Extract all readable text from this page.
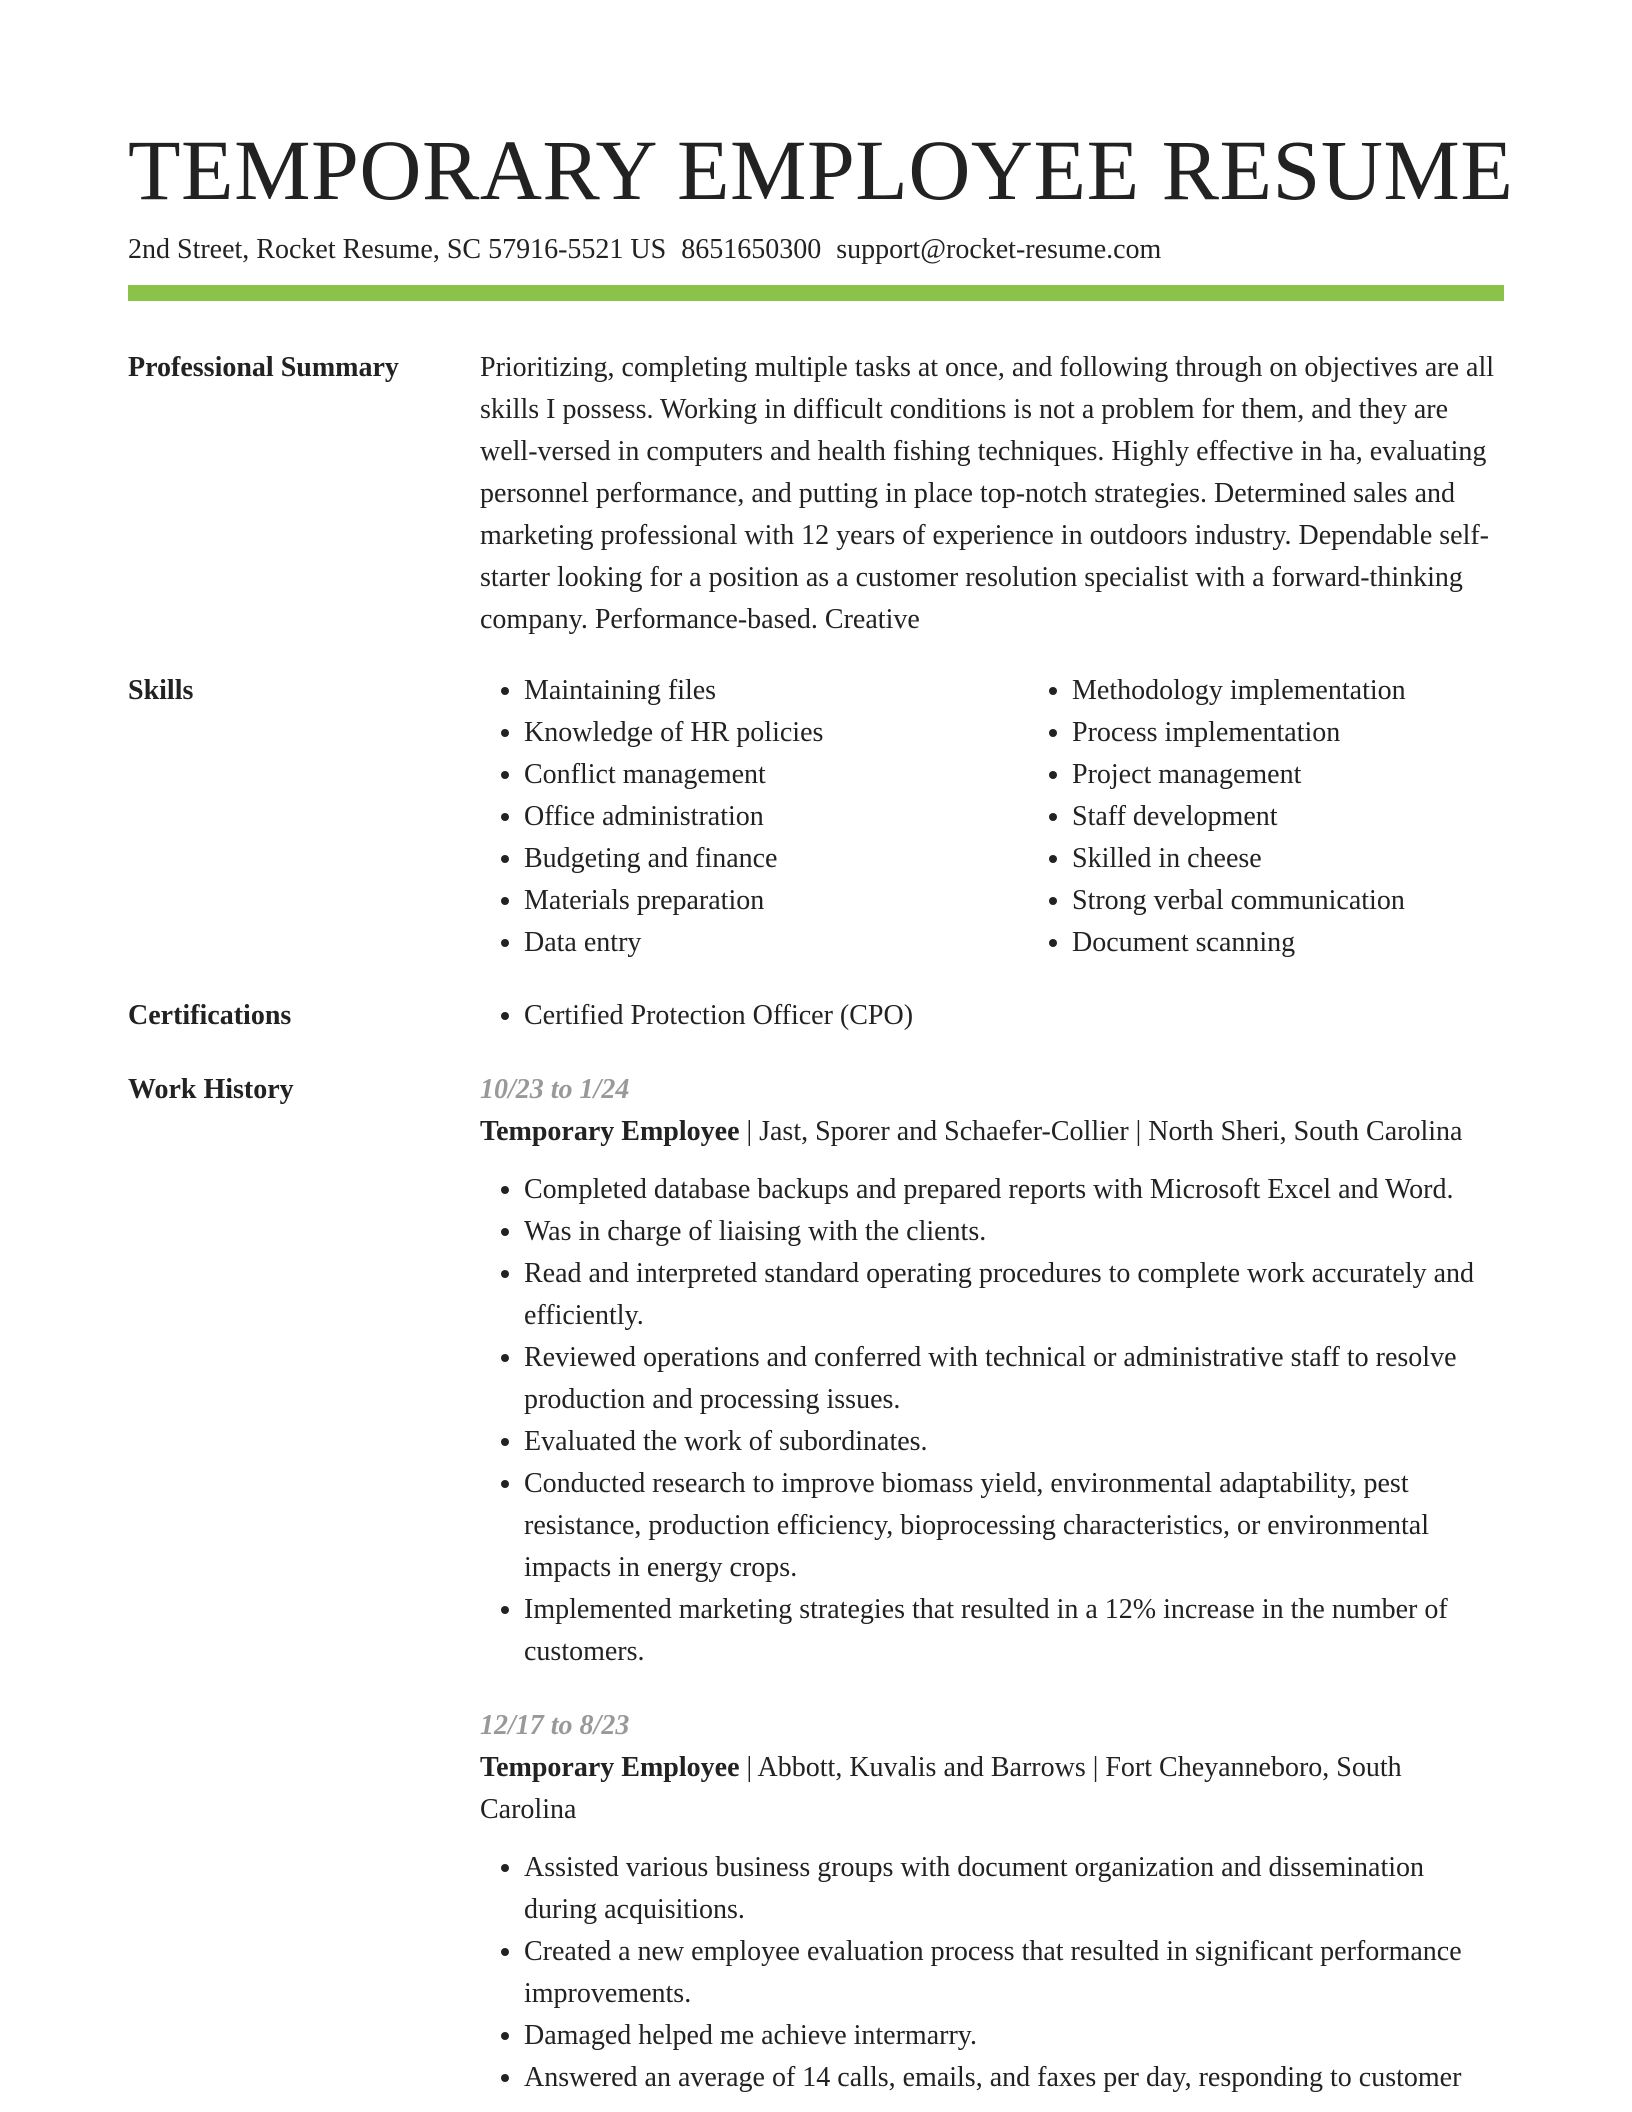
TEMPORARY EMPLOYEE RESUME
2nd Street, Rocket Resume, SC 57916-5521 US 8651650300 support@rocket-resume.com
Professional Summary	Prioritizing, completing multiple tasks at once, and following through on objectives are all skills I possess. Working in difficult conditions is not a problem for them, and they are well-versed in computers and health fishing techniques. Highly effective in ha, evaluating personnel performance, and putting in place top-notch strategies. Determined sales and marketing professional with 12 years of experience in outdoors industry. Dependable self-starter looking for a position as a customer resolution specialist with a forward-thinking company. Performance-based. Creative

Skills	• Maintaining files
• Knowledge of HR policies
• Conflict management
• Office administration
• Budgeting and finance
• Materials preparation
• Data entry
• Methodology implementation
• Process implementation
• Project management
• Staff development
• Skilled in cheese
• Strong verbal communication
• Document scanning
Certifications	• Certified Protection Officer (CPO)
Work History	10/23 to 1/24
Temporary Employee | Jast, Sporer and Schaefer-Collier | North Sheri, South Carolina
• Completed database backups and prepared reports with Microsoft Excel and Word.
• Was in charge of liaising with the clients.
• Read and interpreted standard operating procedures to complete work accurately and efficiently.
• Reviewed operations and conferred with technical or administrative staff to resolve production and processing issues.
• Evaluated the work of subordinates.
• Conducted research to improve biomass yield, environmental adaptability, pest resistance, production efficiency, bioprocessing characteristics, or environmental impacts in energy crops.
• Implemented marketing strategies that resulted in a 12% increase in the number of customers.
12/17 to 8/23
Temporary Employee | Abbott, Kuvalis and Barrows | Fort Cheyanneboro, South Carolina
• Assisted various business groups with document organization and dissemination during acquisitions.
• Created a new employee evaluation process that resulted in significant performance improvements.
• Damaged helped me achieve intermarry.
• Answered an average of 14 calls, emails, and faxes per day, responding to customer
